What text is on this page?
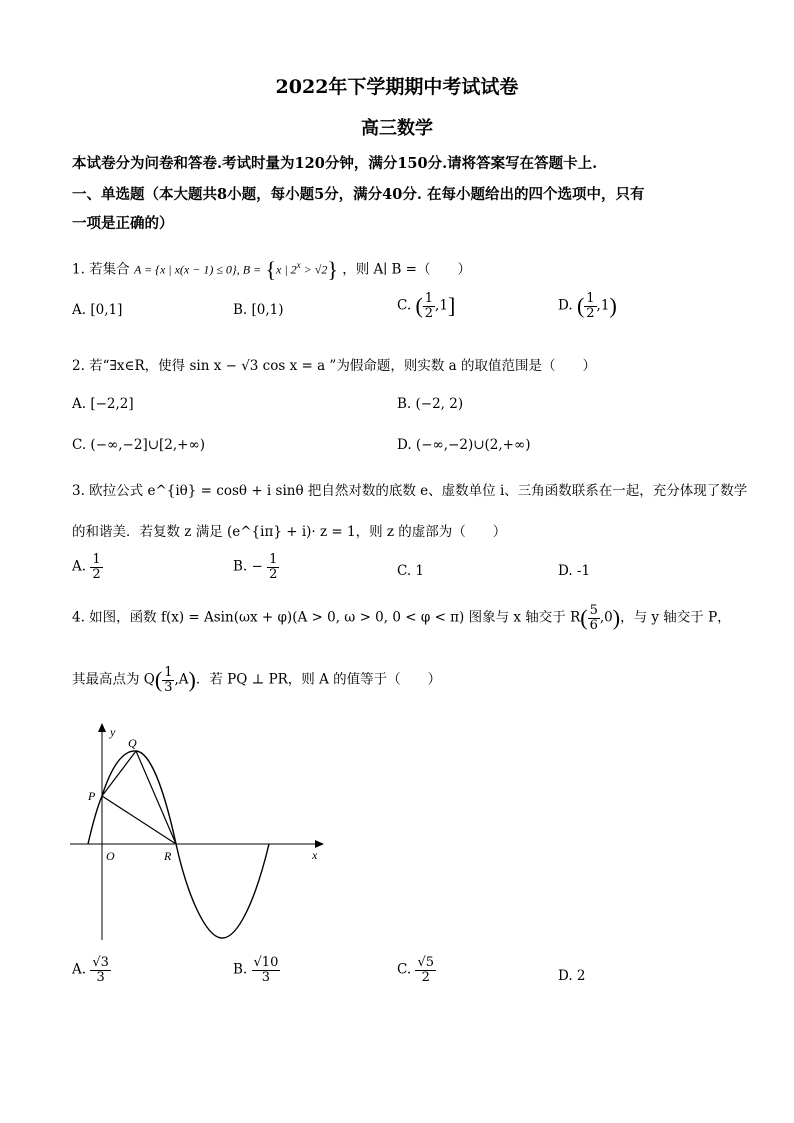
2022年下学期期中考试试卷
高三数学
本试卷分为问卷和答卷.考试时量为120分钟，满分150分.请将答案写在答题卡上.
一、单选题（本大题共8小题，每小题5分，满分40分. 在每小题给出的四个选项中，只有
一项是正确的）
1. 若集合 A = {x | x(x − 1) ≤ 0}, B = {x | $2^x > √2$} ，则 A∣ B =（　　）
A. [0,1]	B. [0,1)	C. ( $\frac{1}{2} ,1$]	D. ( $\frac{1}{2} ,1$)
2. 若“∃x∈R，使得 sin x − √3 cos x = a ”为假命题，则实数 a 的取值范围是（　　）
A. [−2,2]	B. (−2, 2)
C. (−∞,−2]∪[2,+∞)	D. (−∞,−2)∪(2,+∞)
3. 欧拉公式 e^{iθ} = cosθ + i sinθ 把自然对数的底数 e、虚数单位 i、三角函数联系在一起，充分体现了数学
的和谐美．若复数 z 满足 (e^{iπ} + i)· z = 1，则 z 的虚部为（　　）
A. $\frac{1}{2}$	B. − $\frac{1}{2}$	C. 1	D. -1
4. 如图，函数 f(x) = Asin(ωx + φ)(A > 0, ω > 0, 0 < φ < π) 图象与 x 轴交于 $R( \frac{5}{6} ,0)$，与 y 轴交于 P，
其最高点为 $Q( \frac{1}{3} ,A)$．若 PQ ⊥ PR，则 A 的值等于（　　）
y
x
O
P
Q
R
A. $\frac{√3}{3}$	B. $\frac{√10}{3}$	C. $\frac{√5}{2}$	D. 2
